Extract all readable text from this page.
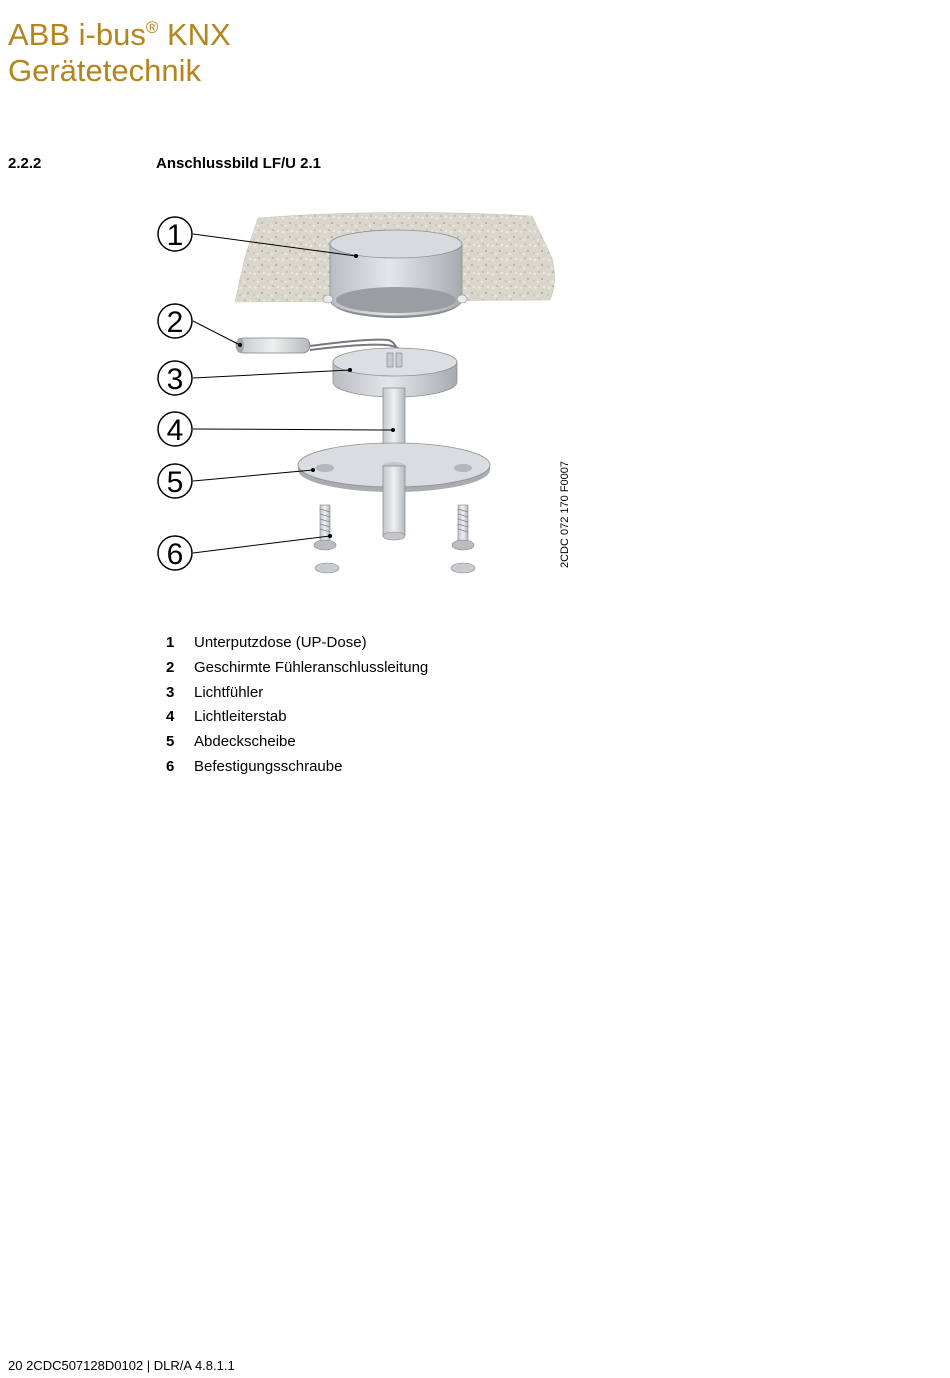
ABB i-bus® KNX
Gerätetechnik
2.2.2	Anschlussbild LF/U 2.1
1
2
3
4
5
6	2CDC 072 170 F0007
1 Unterputzdose (UP-Dose)
2 Geschirmte Fühleranschlussleitung
3 Lichtfühler
4 Lichtleiterstab
5 Abdeckscheibe
6 Befestigungsschraube
20 2CDC507128D0102 | DLR/A 4.8.1.1
